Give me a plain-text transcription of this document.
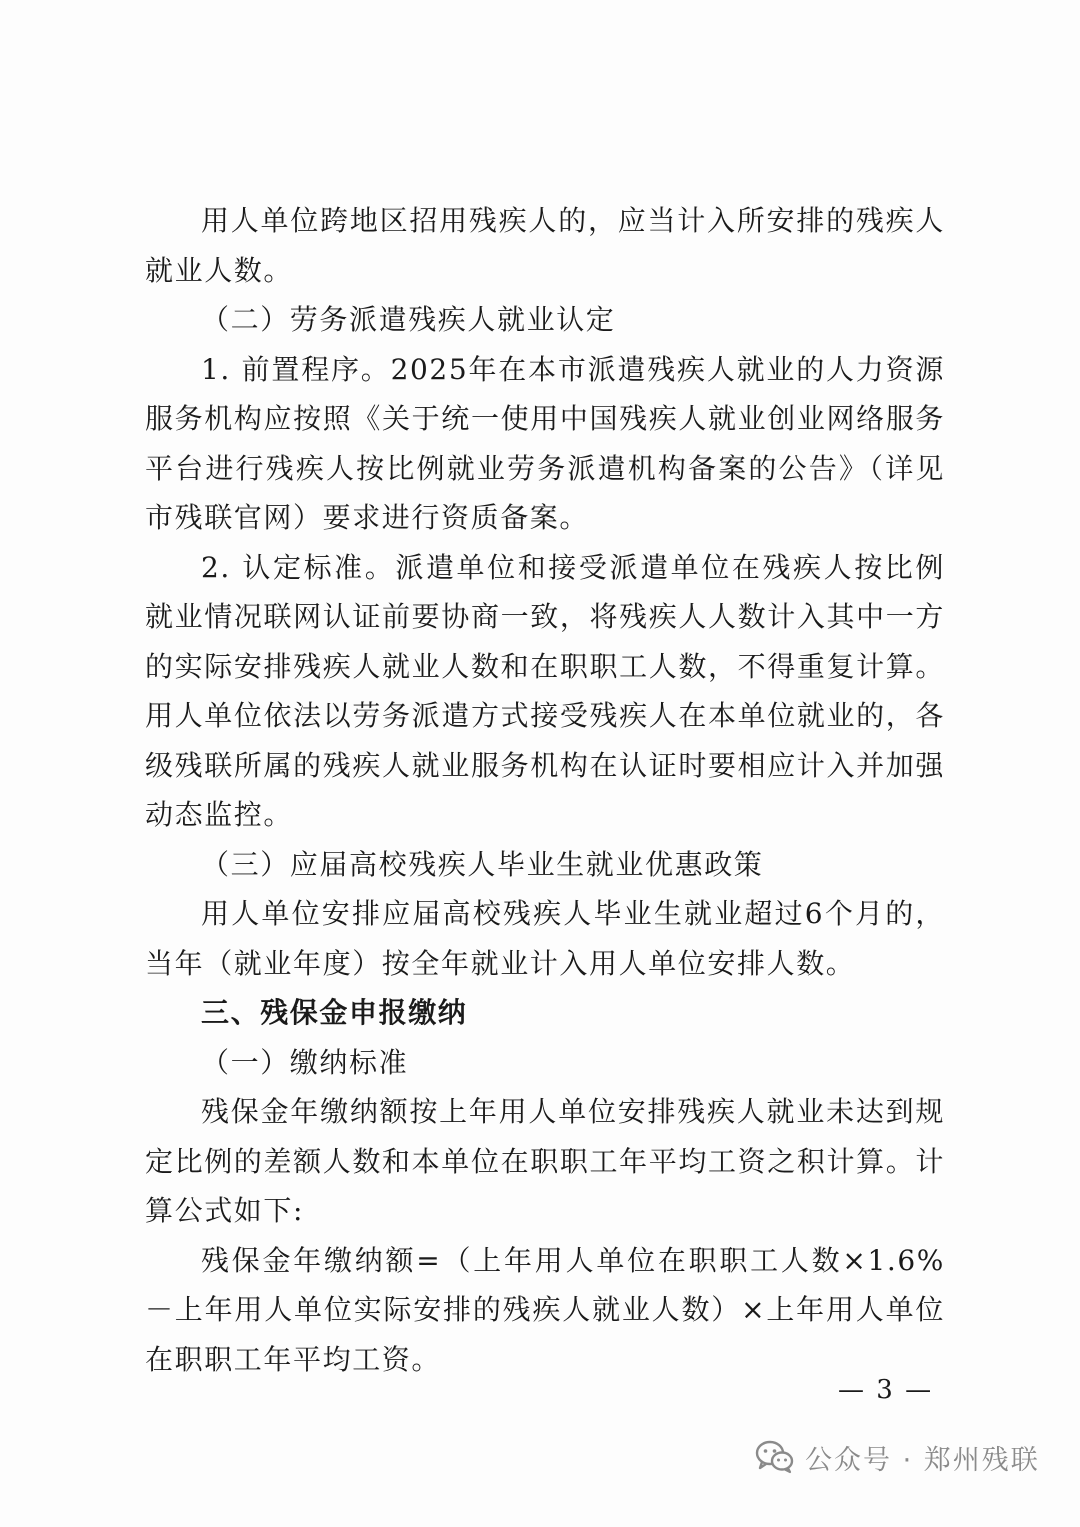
用人单位跨地区招用残疾人的，应当计入所安排的残疾人就业人数。

（二）劳务派遣残疾人就业认定

1. 前置程序。2025年在本市派遣残疾人就业的人力资源服务机构应按照《关于统一使用中国残疾人就业创业网络服务平台进行残疾人按比例就业劳务派遣机构备案的公告》（详见市残联官网）要求进行资质备案。

2. 认定标准。派遣单位和接受派遣单位在残疾人按比例就业情况联网认证前要协商一致，将残疾人人数计入其中一方的实际安排残疾人就业人数和在职职工人数，不得重复计算。用人单位依法以劳务派遣方式接受残疾人在本单位就业的，各级残联所属的残疾人就业服务机构在认证时要相应计入并加强动态监控。

（三）应届高校残疾人毕业生就业优惠政策

用人单位安排应届高校残疾人毕业生就业超过6个月的，当年（就业年度）按全年就业计入用人单位安排人数。

三、残保金申报缴纳

（一）缴纳标准

残保金年缴纳额按上年用人单位安排残疾人就业未达到规定比例的差额人数和本单位在职职工年平均工资之积计算。计算公式如下:

残保金年缴纳额=（上年用人单位在职职工人数×1.6%－上年用人单位实际安排的残疾人就业人数）×上年用人单位在职职工年平均工资。

— 3 —
公众号 · 郑州残联
